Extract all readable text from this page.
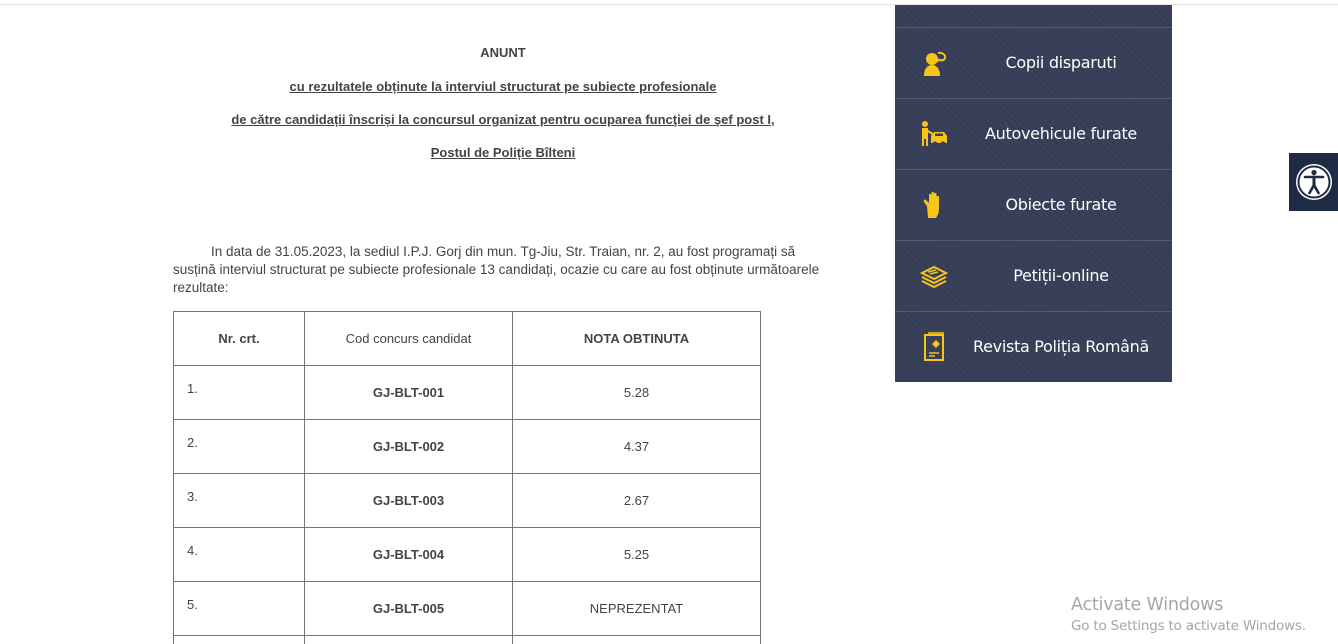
ANUNT
cu rezultatele obținute la interviul structurat pe subiecte profesionale
de către candidații înscriși la concursul organizat pentru ocuparea funcţiei de şef post I,
Postul de Poliție Bîlteni
In data de 31.05.2023, la sediul I.P.J. Gorj din mun. Tg-Jiu, Str. Traian, nr. 2, au fost programați să susțină interviul structurat pe subiecte profesionale 13 candidați, ocazie cu care au fost obținute următoarele rezultate:
Nr. crt.	Cod concurs candidat	NOTA OBTINUTA
1.	GJ-BLT-001	5.28
2.	GJ-BLT-002	4.37
3.	GJ-BLT-003	2.67
4.	GJ-BLT-004	5.25
5.	GJ-BLT-005	NEPREZENTAT

Copii disparuti
Autovehicule furate
Obiecte furate
Petiții-online
Revista Poliția Română
Activate Windows
Go to Settings to activate Windows.
